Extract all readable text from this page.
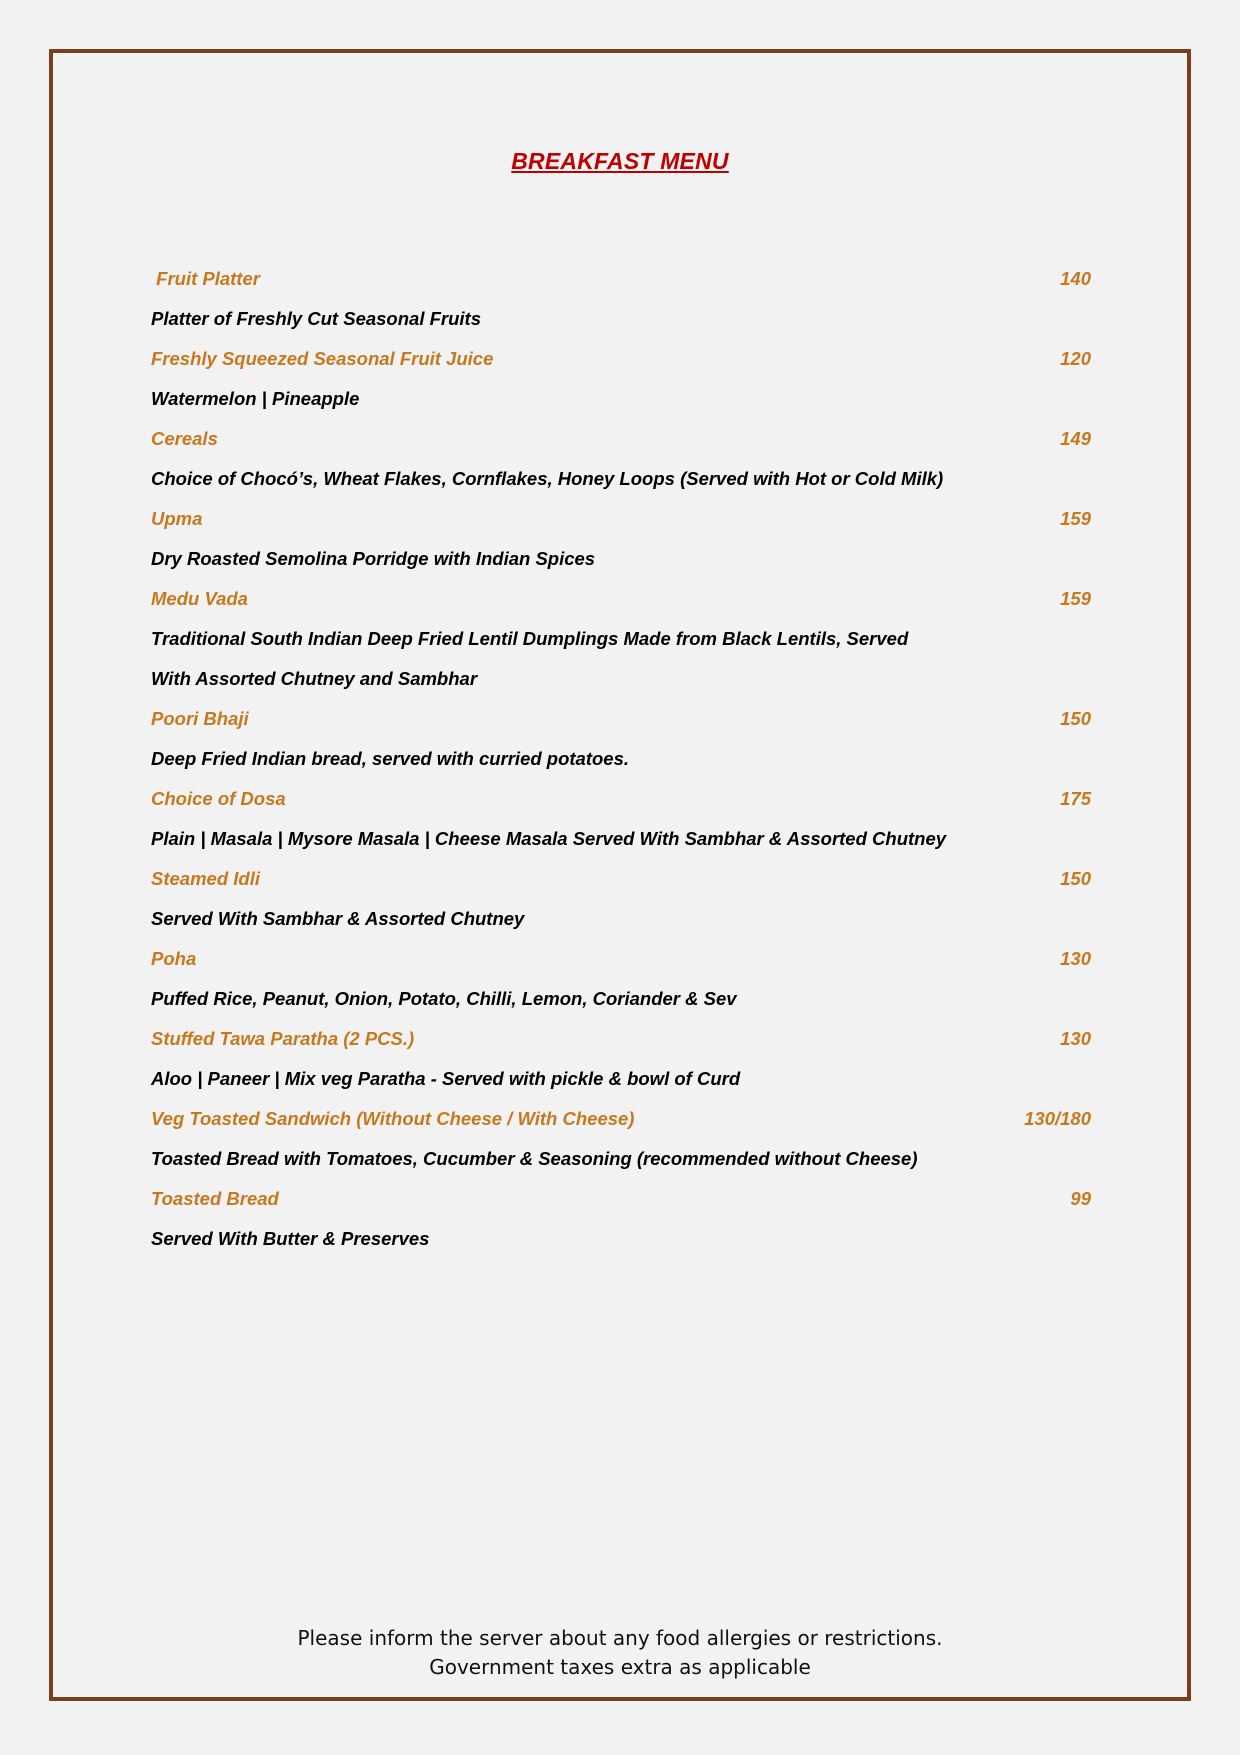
BREAKFAST MENU
Fruit Platter	140
Platter of Freshly Cut Seasonal Fruits
Freshly Squeezed Seasonal Fruit Juice	120
Watermelon | Pineapple
Cereals	149
Choice of Chocó’s, Wheat Flakes, Cornflakes, Honey Loops (Served with Hot or Cold Milk)
Upma	159
Dry Roasted Semolina Porridge with Indian Spices
Medu Vada	159
Traditional South Indian Deep Fried Lentil Dumplings Made from Black Lentils, Served
With Assorted Chutney and Sambhar
Poori Bhaji	150
Deep Fried Indian bread, served with curried potatoes.
Choice of Dosa	175
Plain | Masala | Mysore Masala | Cheese Masala Served With Sambhar & Assorted Chutney
Steamed Idli	150
Served With Sambhar & Assorted Chutney
Poha	130
Puffed Rice, Peanut, Onion, Potato, Chilli, Lemon, Coriander & Sev
Stuffed Tawa Paratha (2 PCS.)	130
Aloo | Paneer | Mix veg Paratha - Served with pickle & bowl of Curd
Veg Toasted Sandwich (Without Cheese / With Cheese)	130/180
Toasted Bread with Tomatoes, Cucumber & Seasoning (recommended without Cheese)
Toasted Bread	99
Served With Butter & Preserves
Please inform the server about any food allergies or restrictions.
Government taxes extra as applicable
